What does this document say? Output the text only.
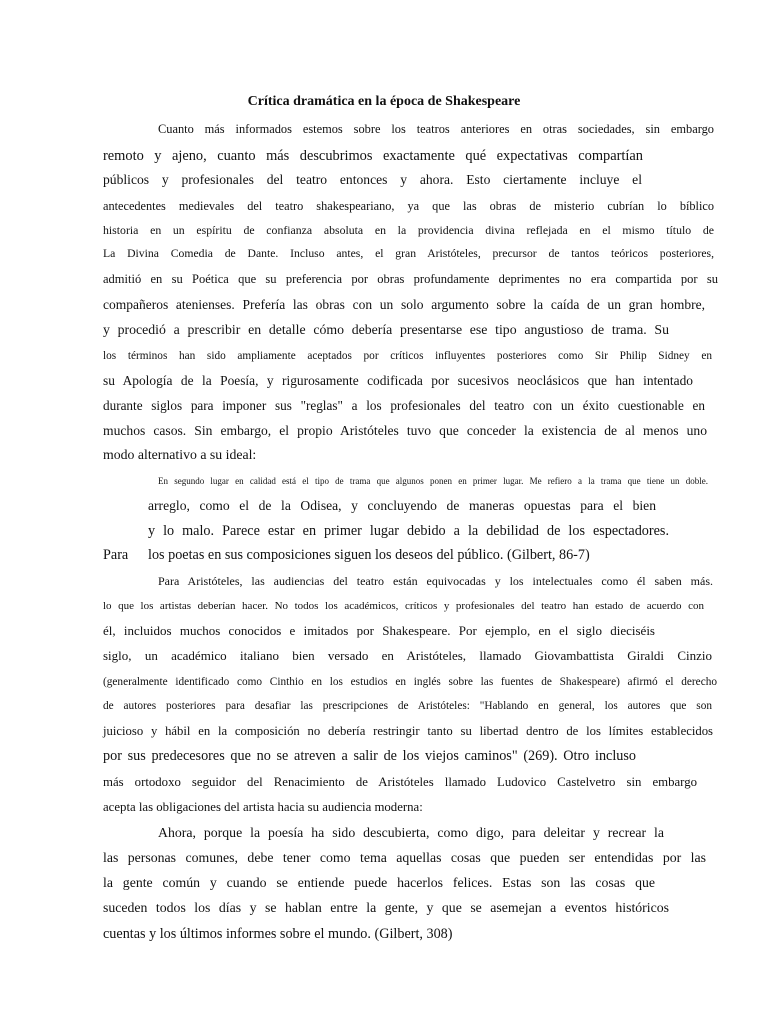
Crítica dramática en la época de Shakespeare
Cuanto más informados estemos sobre los teatros anteriores en otras sociedades, sin embargo
remoto y ajeno, cuanto más descubrimos exactamente qué expectativas compartían
públicos y profesionales del teatro entonces y ahora. Esto ciertamente incluye el
antecedentes medievales del teatro shakespeariano, ya que las obras de misterio cubrían lo bíblico
historia en un espíritu de confianza absoluta en la providencia divina reflejada en el mismo título de
La Divina Comedia de Dante. Incluso antes, el gran Aristóteles, precursor de tantos teóricos posteriores,
admitió en su Poética que su preferencia por obras profundamente deprimentes no era compartida por su
compañeros atenienses. Prefería las obras con un solo argumento sobre la caída de un gran hombre,
y procedió a prescribir en detalle cómo debería presentarse ese tipo angustioso de trama. Su
los términos han sido ampliamente aceptados por críticos influyentes posteriores como Sir Philip Sidney en
su Apología de la Poesía, y rigurosamente codificada por sucesivos neoclásicos que han intentado
durante siglos para imponer sus "reglas" a los profesionales del teatro con un éxito cuestionable en
muchos casos. Sin embargo, el propio Aristóteles tuvo que conceder la existencia de al menos uno
modo alternativo a su ideal:
En segundo lugar en calidad está el tipo de trama que algunos ponen en primer lugar. Me refiero a la trama que tiene un doble.
arreglo, como el de la Odisea, y concluyendo de maneras opuestas para el bien
y lo malo. Parece estar en primer lugar debido a la debilidad de los espectadores.
los poetas en sus composiciones siguen los deseos del público. (Gilbert, 86-7)
Para Aristóteles, las audiencias del teatro están equivocadas y los intelectuales como él saben más.
lo que los artistas deberían hacer. No todos los académicos, críticos y profesionales del teatro han estado de acuerdo con
él, incluidos muchos conocidos e imitados por Shakespeare. Por ejemplo, en el siglo dieciséis
siglo, un académico italiano bien versado en Aristóteles, llamado Giovambattista Giraldi Cinzio
(generalmente identificado como Cinthio en los estudios en inglés sobre las fuentes de Shakespeare) afirmó el derecho
de autores posteriores para desafiar las prescripciones de Aristóteles: "Hablando en general, los autores que son
juicioso y hábil en la composición no debería restringir tanto su libertad dentro de los límites establecidos
por sus predecesores que no se atreven a salir de los viejos caminos" (269). Otro incluso
más ortodoxo seguidor del Renacimiento de Aristóteles llamado Ludovico Castelvetro sin embargo
acepta las obligaciones del artista hacia su audiencia moderna:
Ahora, porque la poesía ha sido descubierta, como digo, para deleitar y recrear la
las personas comunes, debe tener como tema aquellas cosas que pueden ser entendidas por las
la gente común y cuando se entiende puede hacerlos felices. Estas son las cosas que
suceden todos los días y se hablan entre la gente, y que se asemejan a eventos históricos
cuentas y los últimos informes sobre el mundo. (Gilbert, 308)
Para
